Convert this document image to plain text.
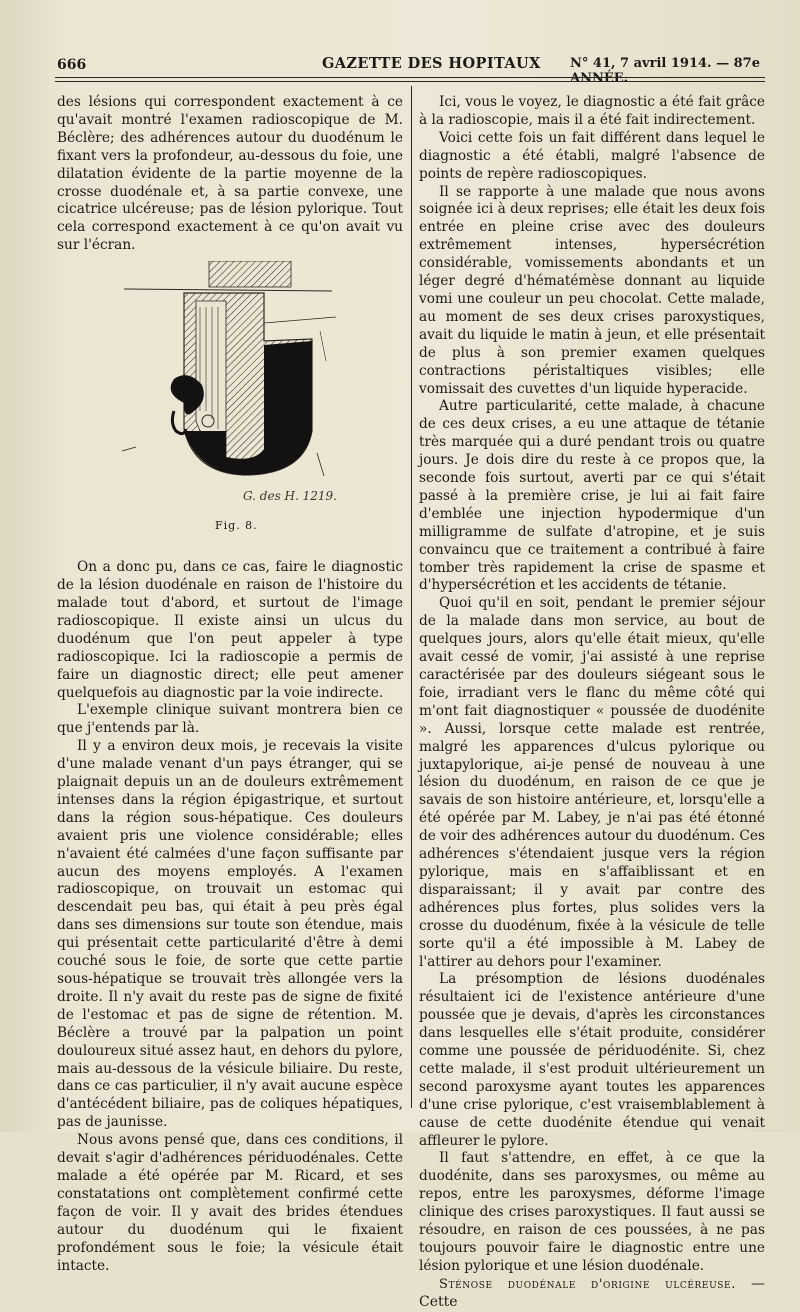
666	GAZETTE DES HOPITAUX N° 41, 7 avril 1914. — 87e ANNÉE.

des lésions qui correspondent exactement à ce qu'avait montré l'examen radioscopique de M. Béclère; des adhérences autour du duodénum le fixant vers la profondeur, au-dessous du foie, une dilatation évidente de la partie moyenne de la crosse duodénale et, à sa partie convexe, une cicatrice ulcéreuse; pas de lésion pylorique. Tout cela correspond exactement à ce qu'on avait vu sur l'écran.

G. des H. 1219.
Fig. 8.

On a donc pu, dans ce cas, faire le diagnostic de la lésion duodénale en raison de l'histoire du malade tout d'abord, et surtout de l'image radioscopique. Il existe ainsi un ulcus du duodénum que l'on peut appeler à type radioscopique. Ici la radioscopie a permis de faire un diagnostic direct; elle peut amener quelquefois au diagnostic par la voie indirecte.

L'exemple clinique suivant montrera bien ce que j'entends par là.

Il y a environ deux mois, je recevais la visite d'une malade venant d'un pays étranger, qui se plaignait depuis un an de douleurs extrêmement intenses dans la région épigastrique, et surtout dans la région sous-hépatique. Ces douleurs avaient pris une violence considérable; elles n'avaient été calmées d'une façon suffisante par aucun des moyens employés. A l'examen radioscopique, on trouvait un estomac qui descendait peu bas, qui était à peu près égal dans ses dimensions sur toute son étendue, mais qui présentait cette particularité d'être à demi couché sous le foie, de sorte que cette partie sous-hépatique se trouvait très allongée vers la droite. Il n'y avait du reste pas de signe de fixité de l'estomac et pas de signe de rétention. M. Béclère a trouvé par la palpation un point douloureux situé assez haut, en dehors du pylore, mais au-dessous de la vésicule biliaire. Du reste, dans ce cas particulier, il n'y avait aucune espèce d'antécédent biliaire, pas de coliques hépatiques, pas de jaunisse.

Nous avons pensé que, dans ces conditions, il devait s'agir d'adhérences périduodénales. Cette malade a été opérée par M. Ricard, et ses constatations ont complètement confirmé cette façon de voir. Il y avait des brides étendues autour du duodénum qui le fixaient profondément sous le foie; la vésicule était intacte.

Ici, vous le voyez, le diagnostic a été fait grâce à la radioscopie, mais il a été fait indirectement.

Voici cette fois un fait différent dans lequel le diagnostic a été établi, malgré l'absence de points de repère radioscopiques.

Il se rapporte à une malade que nous avons soignée ici à deux reprises; elle était les deux fois entrée en pleine crise avec des douleurs extrêmement intenses, hypersécrétion considérable, vomissements abondants et un léger degré d'hématémèse donnant au liquide vomi une couleur un peu chocolat. Cette malade, au moment de ses deux crises paroxystiques, avait du liquide le matin à jeun, et elle présentait de plus à son premier examen quelques contractions péristaltiques visibles; elle vomissait des cuvettes d'un liquide hyperacide.

Autre particularité, cette malade, à chacune de ces deux crises, a eu une attaque de tétanie très marquée qui a duré pendant trois ou quatre jours. Je dois dire du reste à ce propos que, la seconde fois surtout, averti par ce qui s'était passé à la première crise, je lui ai fait faire d'emblée une injection hypodermique d'un milligramme de sulfate d'atropine, et je suis convaincu que ce traitement a contribué à faire tomber très rapidement la crise de spasme et d'hypersécrétion et les accidents de tétanie.

Quoi qu'il en soit, pendant le premier séjour de la malade dans mon service, au bout de quelques jours, alors qu'elle était mieux, qu'elle avait cessé de vomir, j'ai assisté à une reprise caractérisée par des douleurs siégeant sous le foie, irradiant vers le flanc du même côté qui m'ont fait diagnostiquer « poussée de duodénite ». Aussi, lorsque cette malade est rentrée, malgré les apparences d'ulcus pylorique ou juxtapylorique, ai-je pensé de nouveau à une lésion du duodénum, en raison de ce que je savais de son histoire antérieure, et, lorsqu'elle a été opérée par M. Labey, je n'ai pas été étonné de voir des adhérences autour du duodénum. Ces adhérences s'étendaient jusque vers la région pylorique, mais en s'affaiblissant et en disparaissant; il y avait par contre des adhérences plus fortes, plus solides vers la crosse du duodénum, fixée à la vésicule de telle sorte qu'il a été impossible à M. Labey de l'attirer au dehors pour l'examiner.

La présomption de lésions duodénales résultaient ici de l'existence antérieure d'une poussée que je devais, d'après les circonstances dans lesquelles elle s'était produite, considérer comme une poussée de périduodénite. Si, chez cette malade, il s'est produit ultérieurement un second paroxysme ayant toutes les apparences d'une crise pylorique, c'est vraisemblablement à cause de cette duodénite étendue qui venait affleurer le pylore.

Il faut s'attendre, en effet, à ce que la duodénite, dans ses paroxysmes, ou même au repos, entre les paroxysmes, déforme l'image clinique des crises paroxystiques. Il faut aussi se résoudre, en raison de ces poussées, à ne pas toujours pouvoir faire le diagnostic entre une lésion pylorique et une lésion duodénale.

Sténose duodénale d'origine ulcéreuse. — Cette
